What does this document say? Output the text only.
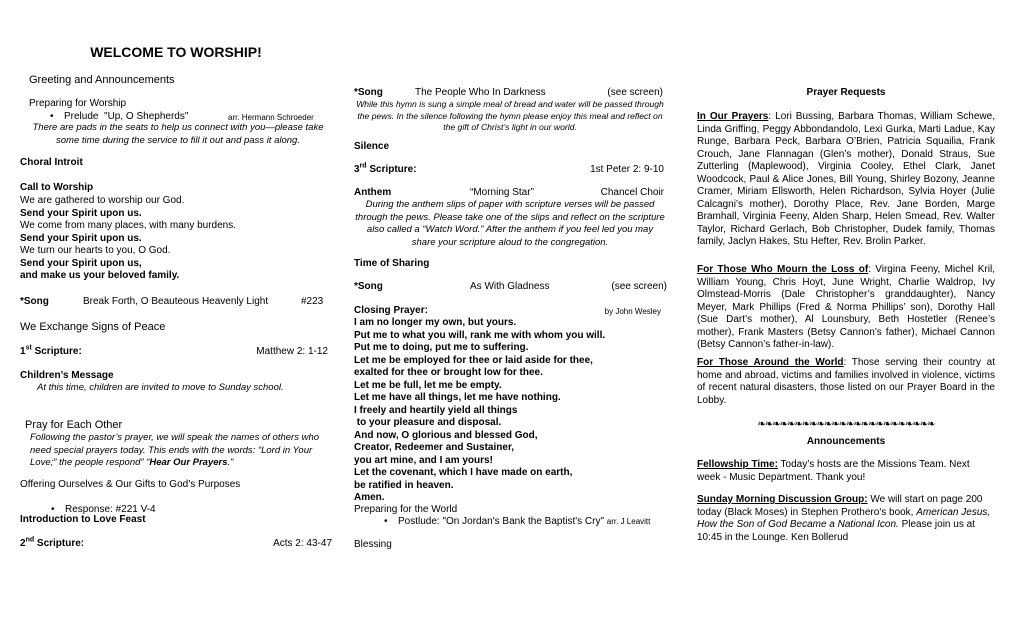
WELCOME TO WORSHIP!
Greeting and Announcements
Preparing for Worship
• Prelude "Up, O Shepherds"	arr. Hermann Schroeder
There are pads in the seats to help us connect with you—please take some time during the service to fill it out and pass it along.
Choral Introit
Call to Worship
We are gathered to worship our God.
Send your Spirit upon us.
We come from many places, with many burdens.
Send your Spirit upon us.
We turn our hearts to you, O God.
Send your Spirit upon us,
and make us your beloved family.
*Song	Break Forth, O Beauteous Heavenly Light	#223
We Exchange Signs of Peace
1st Scripture:	Matthew 2: 1-12
Children’s Message
At this time, children are invited to move to Sunday school.
Pray for Each Other
Following the pastor’s prayer, we will speak the names of others who need special prayers today. This ends with the words: “Lord in Your Love;” the people respond” “Hear Our Prayers.”
Offering Ourselves & Our Gifts to God’s Purposes
• Response: #221 V-4
Introduction to Love Feast
2nd Scripture:	Acts 2: 43-47
*Song	The People Who In Darkness	(see screen)
While this hymn is sung a simple meal of bread and water will be passed through the pews. In the silence following the hymn please enjoy this meal and reflect on the gift of Christ’s light in our world.
Silence
3rd Scripture:	1st Peter 2: 9-10
Anthem	“Morning Star”	Chancel Choir
During the anthem slips of paper with scripture verses will be passed through the pews. Please take one of the slips and reflect on the scripture also called a “Watch Word.” After the anthem if you feel led you may share your scripture aloud to the congregation.
Time of Sharing
*Song	As With Gladness	(see screen)
Closing Prayer:	by John Wesley
I am no longer my own, but yours.
Put me to what you will, rank me with whom you will.
Put me to doing, put me to suffering.
Let me be employed for thee or laid aside for thee,
exalted for thee or brought low for thee.
Let me be full, let me be empty.
Let me have all things, let me have nothing.
I freely and heartily yield all things
to your pleasure and disposal.
And now, O glorious and blessed God,
Creator, Redeemer and Sustainer,
you art mine, and I am yours!
Let the covenant, which I have made on earth,
be ratified in heaven.
Amen.
Preparing for the World
• Postlude: "On Jordan's Bank the Baptist's Cry" arr. J Leavitt
Blessing
Prayer Requests
In Our Prayers: Lori Bussing, Barbara Thomas, William Schewe, Linda Griffing, Peggy Abbondandolo, Lexi Gurka, Marti Ladue, Kay Runge, Barbara Peck, Barbara O’Brien, Patricia Squailia, Frank Crouch, Jane Flannagan (Glen’s mother), Donald Straus, Sue Zutterling (Maplewood), Virginia Cooley, Ethel Clark, Janet Woodcock, Paul & Alice Jones, Bill Young, Shirley Bozony, Jeanne Cramer, Miriam Ellsworth, Helen Richardson, Sylvia Hoyer (Julie Calcagni’s mother), Dorothy Place, Rev. Jane Borden, Marge Bramhall, Virginia Feeny, Alden Sharp, Helen Smead, Rev. Walter Taylor, Richard Gerlach, Bob Christopher, Dudek family, Thomas family, Jaclyn Hakes, Stu Hefter, Rev. Brolin Parker.
For Those Who Mourn the Loss of: Virgina Feeny, Michel Kril, William Young, Chris Hoyt, June Wright, Charlie Waldrop, Ivy Olmstead-Morris (Dale Christopher’s granddaughter), Nancy Meyer, Mark Phillips (Fred & Norma Phillips’ son), Dorothy Hall (Sue Dart’s mother), Al Lounsbury, Beth Hostetler (Renee’s mother), Frank Masters (Betsy Cannon’s father), Michael Cannon (Betsy Cannon’s father-in-law).
For Those Around the World: Those serving their country at home and abroad, victims and families involved in violence, victims of recent natural disasters, those listed on our Prayer Board in the Lobby.
❧❧❧❧❧❧❧❧❧❧❧❧❧❧❧❧❧❧❧❧❧❧❧❧
Announcements
Fellowship Time: Today’s hosts are the Missions Team. Next week - Music Department. Thank you!
Sunday Morning Discussion Group: We will start on page 200 today (Black Moses) in Stephen Prothero's book, American Jesus, How the Son of God Became a National Icon. Please join us at 10:45 in the Lounge. Ken Bollerud
